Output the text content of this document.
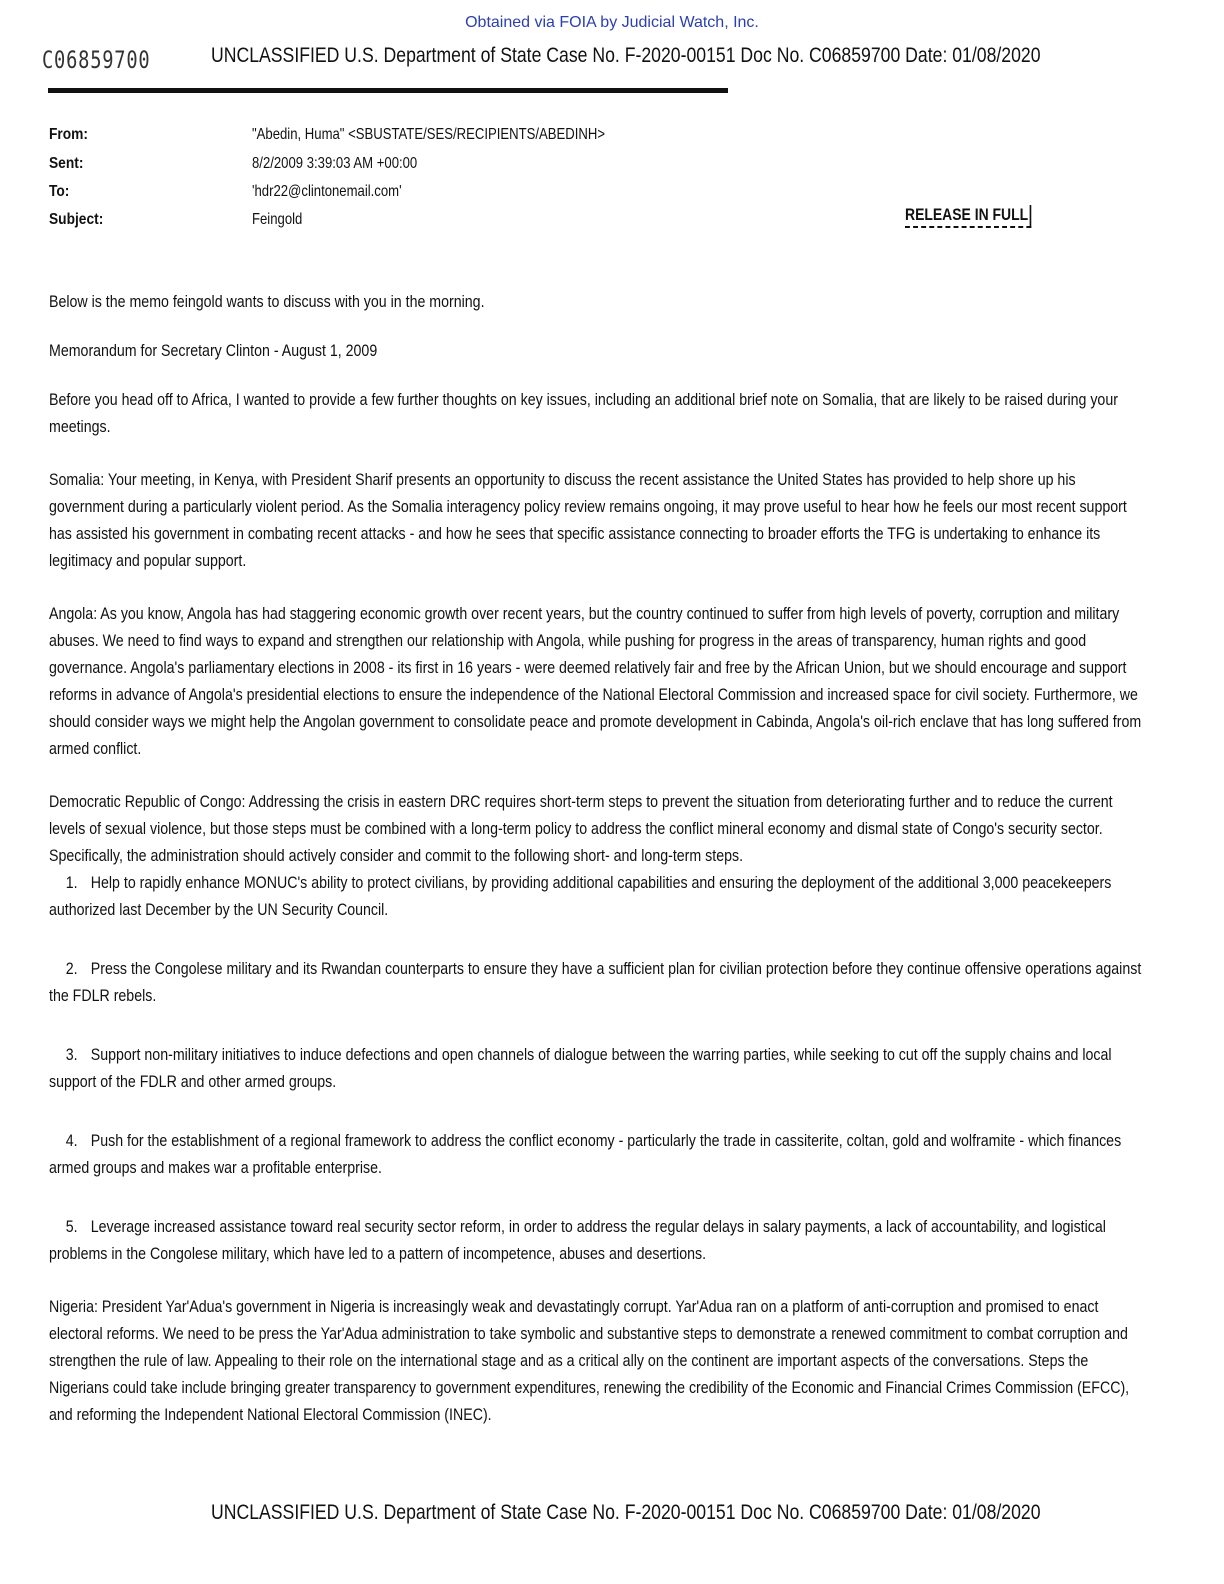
Obtained via FOIA by Judicial Watch, Inc.
C06859700	UNCLASSIFIED U.S. Department of State Case No. F-2020-00151 Doc No. C06859700 Date: 01/08/2020
From:	"Abedin, Huma" <SBUSTATE/SES/RECIPIENTS/ABEDINH>
Sent:	8/2/2009 3:39:03 AM +00:00
To:	'hdr22@clintonemail.com'
Subject:	Feingold	RELEASE IN FULL

Below is the memo feingold wants to discuss with you in the morning.

Memorandum for Secretary Clinton - August 1, 2009

Before you head off to Africa, I wanted to provide a few further thoughts on key issues, including an additional brief note on Somalia, that are likely to be raised during your meetings.

Somalia: Your meeting, in Kenya, with President Sharif presents an opportunity to discuss the recent assistance the United States has provided to help shore up his government during a particularly violent period. As the Somalia interagency policy review remains ongoing, it may prove useful to hear how he feels our most recent support has assisted his government in combating recent attacks - and how he sees that specific assistance connecting to broader efforts the TFG is undertaking to enhance its legitimacy and popular support.

Angola: As you know, Angola has had staggering economic growth over recent years, but the country continued to suffer from high levels of poverty, corruption and military abuses. We need to find ways to expand and strengthen our relationship with Angola, while pushing for progress in the areas of transparency, human rights and good governance. Angola's parliamentary elections in 2008 - its first in 16 years - were deemed relatively fair and free by the African Union, but we should encourage and support reforms in advance of Angola's presidential elections to ensure the independence of the National Electoral Commission and increased space for civil society. Furthermore, we should consider ways we might help the Angolan government to consolidate peace and promote development in Cabinda, Angola's oil-rich enclave that has long suffered from armed conflict.

Democratic Republic of Congo: Addressing the crisis in eastern DRC requires short-term steps to prevent the situation from deteriorating further and to reduce the current levels of sexual violence, but those steps must be combined with a long-term policy to address the conflict mineral economy and dismal state of Congo's security sector. Specifically, the administration should actively consider and commit to the following short- and long-term steps.

1. Help to rapidly enhance MONUC's ability to protect civilians, by providing additional capabilities and ensuring the deployment of the additional 3,000 peacekeepers authorized last December by the UN Security Council.

2. Press the Congolese military and its Rwandan counterparts to ensure they have a sufficient plan for civilian protection before they continue offensive operations against the FDLR rebels.

3. Support non-military initiatives to induce defections and open channels of dialogue between the warring parties, while seeking to cut off the supply chains and local support of the FDLR and other armed groups.

4. Push for the establishment of a regional framework to address the conflict economy - particularly the trade in cassiterite, coltan, gold and wolframite - which finances armed groups and makes war a profitable enterprise.

5. Leverage increased assistance toward real security sector reform, in order to address the regular delays in salary payments, a lack of accountability, and logistical problems in the Congolese military, which have led to a pattern of incompetence, abuses and desertions.

Nigeria: President Yar'Adua's government in Nigeria is increasingly weak and devastatingly corrupt. Yar'Adua ran on a platform of anti-corruption and promised to enact electoral reforms. We need to be press the Yar'Adua administration to take symbolic and substantive steps to demonstrate a renewed commitment to combat corruption and strengthen the rule of law. Appealing to their role on the international stage and as a critical ally on the continent are important aspects of the conversations. Steps the Nigerians could take include bringing greater transparency to government expenditures, renewing the credibility of the Economic and Financial Crimes Commission (EFCC), and reforming the Independent National Electoral Commission (INEC).

UNCLASSIFIED U.S. Department of State Case No. F-2020-00151 Doc No. C06859700 Date: 01/08/2020
